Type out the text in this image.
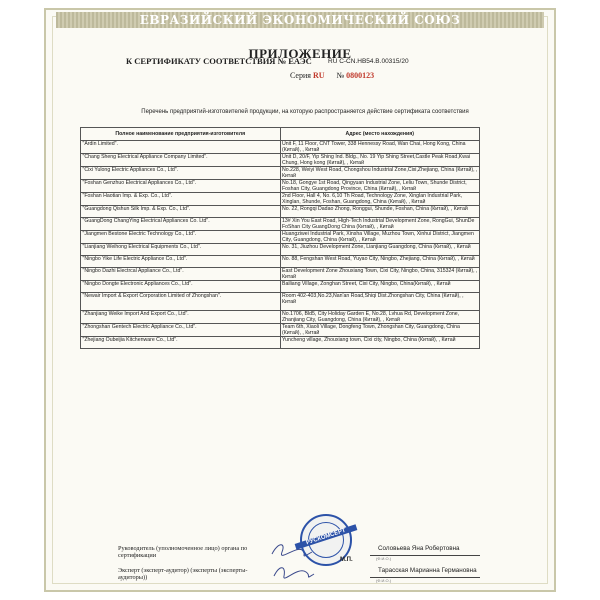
ЕВРАЗИЙСКИЙ ЭКОНОМИЧЕСКИЙ СОЮЗ
ПРИЛОЖЕНИЕ
К СЕРТИФИКАТУ СООТВЕТСТВИЯ № ЕАЭС	RU C-CN.НВ54.В.00315/20
Серия RU № 0800123
Перечень предприятий-изготовителей продукции, на которую распространяется действие сертификата соответствия
Полное наименование предприятия-изготовителя	Адрес (место нахождения)
"Ardin Limited".	Unit F, 11 Floor, CNT Tower, 338 Hennessy Road, Wan Chai, Hong Kong, China (Китай), , Китай
"Chang Sheng Electrical Appliance Company Limited".	Unit D, 20/F, Yip Shing Ind. Bldg., No. 19 Yip Shing Street,Castle Peak Road,Kwai Chung, Hong kong (Китай), , Китай
"Cixi Yulong Electric Appliances Co., Ltd".	No.228, Weiyi West Road, Chongshou Industrial Zone,Cixi,Zhejiang, China (Китай), , Китай
"Foshan Genzhuo Electrical Appliances Co., Ltd".	No.18, Gongye 1st Road, Qingyuan Industrial Zone, Leliu Town, Shunde District, Foshan City, Guangdong Province, China (Китай), , Китай
"Foshan Haotian Imp. & Exp. Co., Ltd".	2nd Floor, Hall 4, No. 6,10 Th Road, Technology Zone, Xinglan Industrial Park, Xinglan, Shunde, Foshan, Guangdong, China (Китай), , Китай
"Guangdong Qishun Silk Imp. & Exp. Co., Ltd".	No. 22, Rongqi Dadao Zhong, Ronggui, Shunde, Foshan, China (Китай), , Китай
"GuangDong ChangYing Electrical Appliances Co. Ltd".	13# Xin You East Road, High-Tech Industrial Development Zone, RongGui, ShunDe FoShan City GuangDong China (Китай), , Китай
"Jiangmen Bestone Electric Technology Co., Ltd".	Huangziwei Industrial Park, Xinsha Village, Muzhou Town, Xinhui District, Jiangmen City, Guangdong, China (Китай), , Китай
"Lianjiang Weihong Electrical Equipments Co., Ltd".	No. 31, Jiuzhou Development Zone, Lianjiang Guangdong, China (Китай), , Китай
"Ningbo Yike Life Electric Appliance Co., Ltd".	No. 88, Fengshan West Road, Yuyao City, Ningbo, Zhejiang, China (Китай), , Китай
"Ningbo Dazhi Electrcal Appliance Co., Ltd".	East Development Zone Zhouxiang Town, Cixi City, Ningbo, China, 315324 (Китай), , Китай
"Ningbo Dongte Electronic Appliances Co., Ltd".	Bailiang Village, Zonghan Street, Cixi City, Ningbo, China(Китай), , Китай
"Newair Import & Export Corporation Limited of Zhongshan".	Room 402-403,No.23,Nan'an Road,Shiqi Dist.Zhongshan City, China (Китай), , Китай
"Zhanjiang Weike Import And Export Co., Ltd".	No.1706, Bld5, City Holiday Garden E, No.28, Lvhua Rd, Development Zone, Zhanjiang City, Guangdong, China (Китай), , Китай
"Zhongshan Gentech Electric Appliance Co., Ltd".	Team 6th, Xiaoli Village, Dongfeng Town, Zhongshan City, Guangdong, China (Китай), , Китай
"Zhejiang Oubeijia Kitchenware Co., Ltd".	Yuncheng village, Zhouxiang town, Cixi city, Ningbo, China (Китай), , Китай
Руководитель (уполномоченное лицо) органа по сертификации
Эксперт (эксперт-аудитор) (эксперты (эксперты-аудиторы))
РУСКОМСЕРТ
М.П.
Соловьева Яна Робертовна
(Ф.И.О.)
Тарасская Марианна Германовна
(Ф.И.О.)
